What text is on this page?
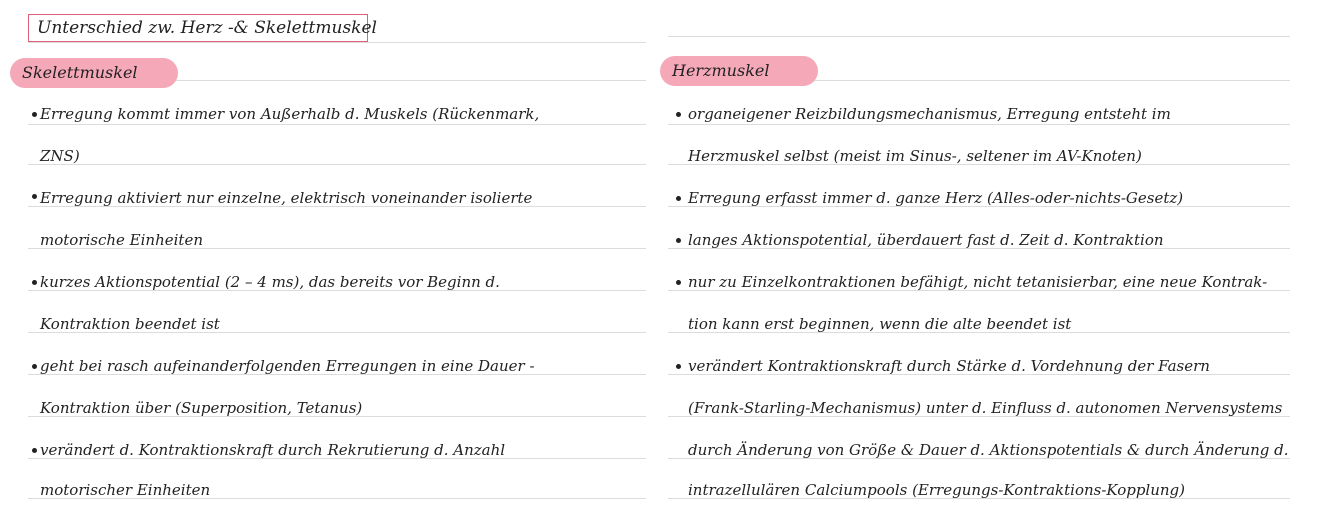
Unterschied zw. Herz -& Skelettmuskel
Skelettmuskel	Herzmuskel
Erregung kommt immer von Außerhalb d. Muskels (Rückenmark,
ZNS)
Erregung aktiviert nur einzelne, elektrisch voneinander isolierte
motorische Einheiten
kurzes Aktionspotential (2 – 4 ms), das bereits vor Beginn d.
Kontraktion beendet ist
geht bei rasch aufeinanderfolgenden Erregungen in eine Dauer -
Kontraktion über (Superposition, Tetanus)
verändert d. Kontraktionskraft durch Rekrutierung d. Anzahl
motorischer Einheiten
organeigener Reizbildungsmechanismus, Erregung entsteht im
Herzmuskel selbst (meist im Sinus-, seltener im AV-Knoten)
Erregung erfasst immer d. ganze Herz (Alles-oder-nichts-Gesetz)
langes Aktionspotential, überdauert fast d. Zeit d. Kontraktion
nur zu Einzelkontraktionen befähigt, nicht tetanisierbar, eine neue Kontrak-
tion kann erst beginnen, wenn die alte beendet ist
verändert Kontraktionskraft durch Stärke d. Vordehnung der Fasern
(Frank-Starling-Mechanismus) unter d. Einfluss d. autonomen Nervensystems
durch Änderung von Größe & Dauer d. Aktionspotentials & durch Änderung d.
intrazellulären Calciumpools (Erregungs-Kontraktions-Kopplung)
